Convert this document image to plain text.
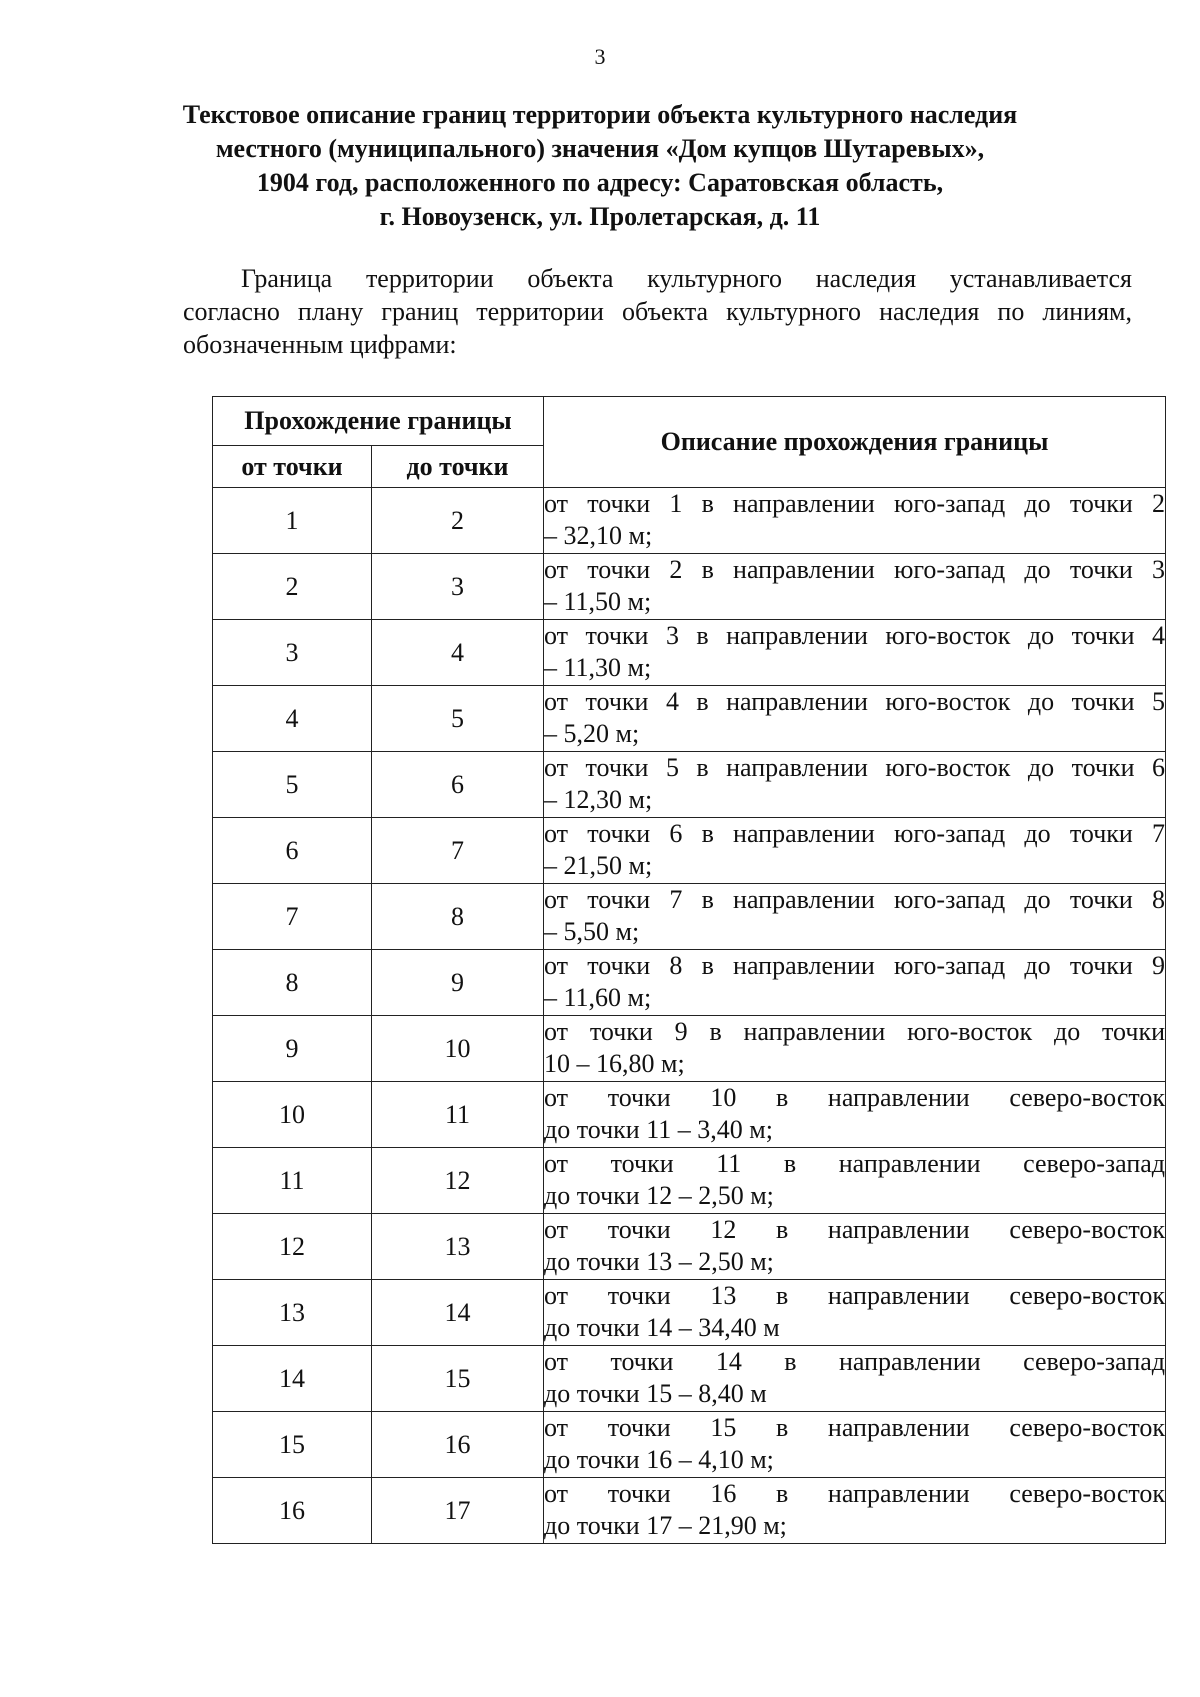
3
Текстовое описание границ территории объекта культурного наследия
местного (муниципального) значения «Дом купцов Шутаревых»,
1904 год, расположенного по адресу: Саратовская область,
г. Новоузенск, ул. Пролетарская, д. 11
Граница территории объекта культурного наследия устанавливается
согласно плану границ территории объекта культурного наследия по линиям,
обозначенным цифрами:
Прохождение границы		Описание прохождения границы
от точки	до точки	
1	2	от точки 1 в направлении юго-запад до точки 2
– 32,10 м;

2	3	от точки 2 в направлении юго-запад до точки 3
– 11,50 м;

3	4	от точки 3 в направлении юго-восток до точки 4
– 11,30 м;

4	5	от точки 4 в направлении юго-восток до точки 5
– 5,20 м;

5	6	от точки 5 в направлении юго-восток до точки 6
– 12,30 м;

6	7	от точки 6 в направлении юго-запад до точки 7
– 21,50 м;

7	8	от точки 7 в направлении юго-запад до точки 8
– 5,50 м;

8	9	от точки 8 в направлении юго-запад до точки 9
– 11,60 м;

9	10	от точки 9 в направлении юго-восток до точки
10 – 16,80 м;

10	11	от точки 10 в направлении северо-восток
до точки 11 – 3,40 м;

11	12	от точки 11 в направлении северо-запад
до точки 12 – 2,50 м;

12	13	от точки 12 в направлении северо-восток
до точки 13 – 2,50 м;

13	14	от точки 13 в направлении северо-восток
до точки 14 – 34,40 м

14	15	от точки 14 в направлении северо-запад
до точки 15 – 8,40 м

15	16	от точки 15 в направлении северо-восток
до точки 16 – 4,10 м;

16	17	от точки 16 в направлении северо-восток
до точки 17 – 21,90 м;
